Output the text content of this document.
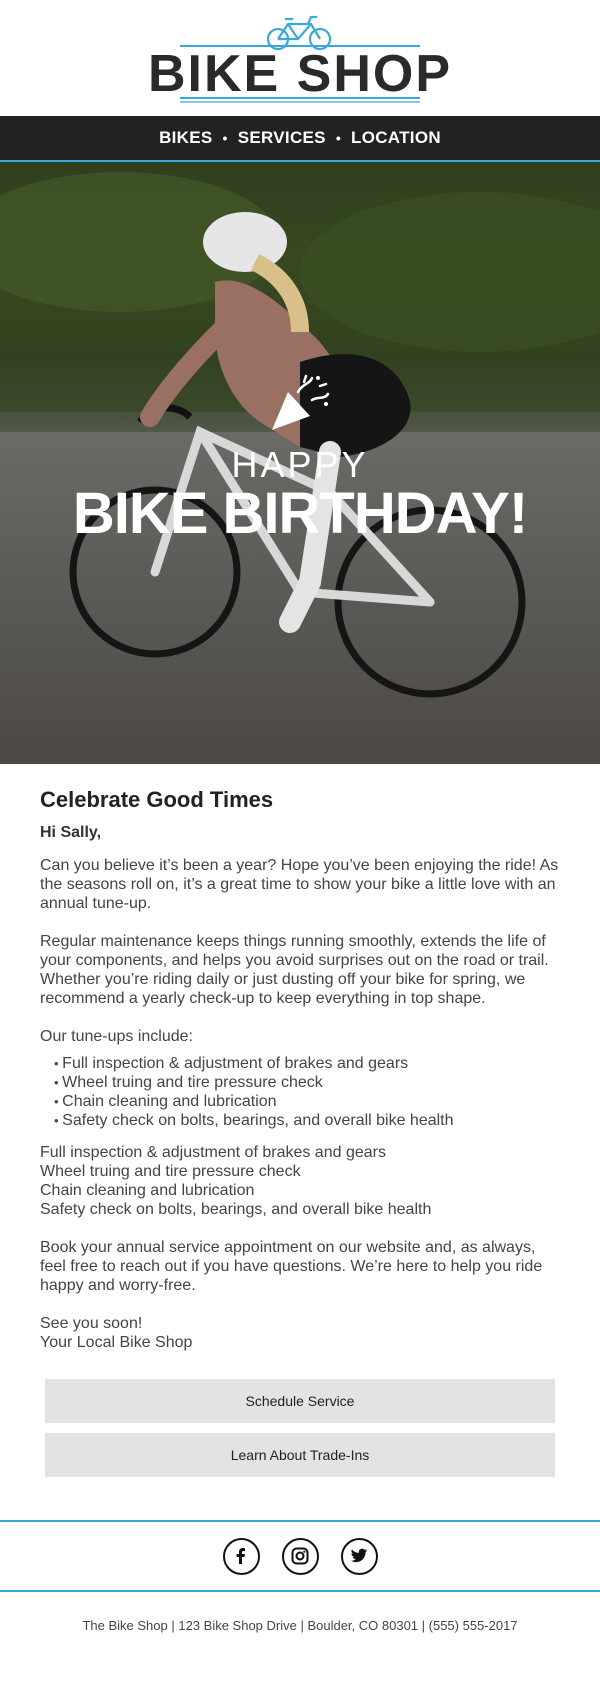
BIKE SHOP
BIKES • SERVICES • LOCATION
HAPPY
BIKE BIRTHDAY!
Celebrate Good Times
Hi Sally,

Can you believe it’s been a year? Hope you’ve been enjoying the ride! As the seasons roll on, it’s a great time to show your bike a little love with an annual tune-up.

Regular maintenance keeps things running smoothly, extends the life of your components, and helps you avoid surprises out on the road or trail. Whether you’re riding daily or just dusting off your bike for spring, we recommend a yearly check-up to keep everything in top shape.

Our tune-ups include:

• Full inspection & adjustment of brakes and gears
• Wheel truing and tire pressure check
• Chain cleaning and lubrication
• Safety check on bolts, bearings, and overall bike health
Full inspection & adjustment of brakes and gears
Wheel truing and tire pressure check
Chain cleaning and lubrication
Safety check on bolts, bearings, and overall bike health

Book your annual service appointment on our website and, as always, feel free to reach out if you have questions. We’re here to help you ride happy and worry-free.

See you soon!
Your Local Bike Shop
Schedule Service
Learn About Trade-Ins
The Bike Shop | 123 Bike Shop Drive | Boulder, CO 80301 | (555) 555-2017
